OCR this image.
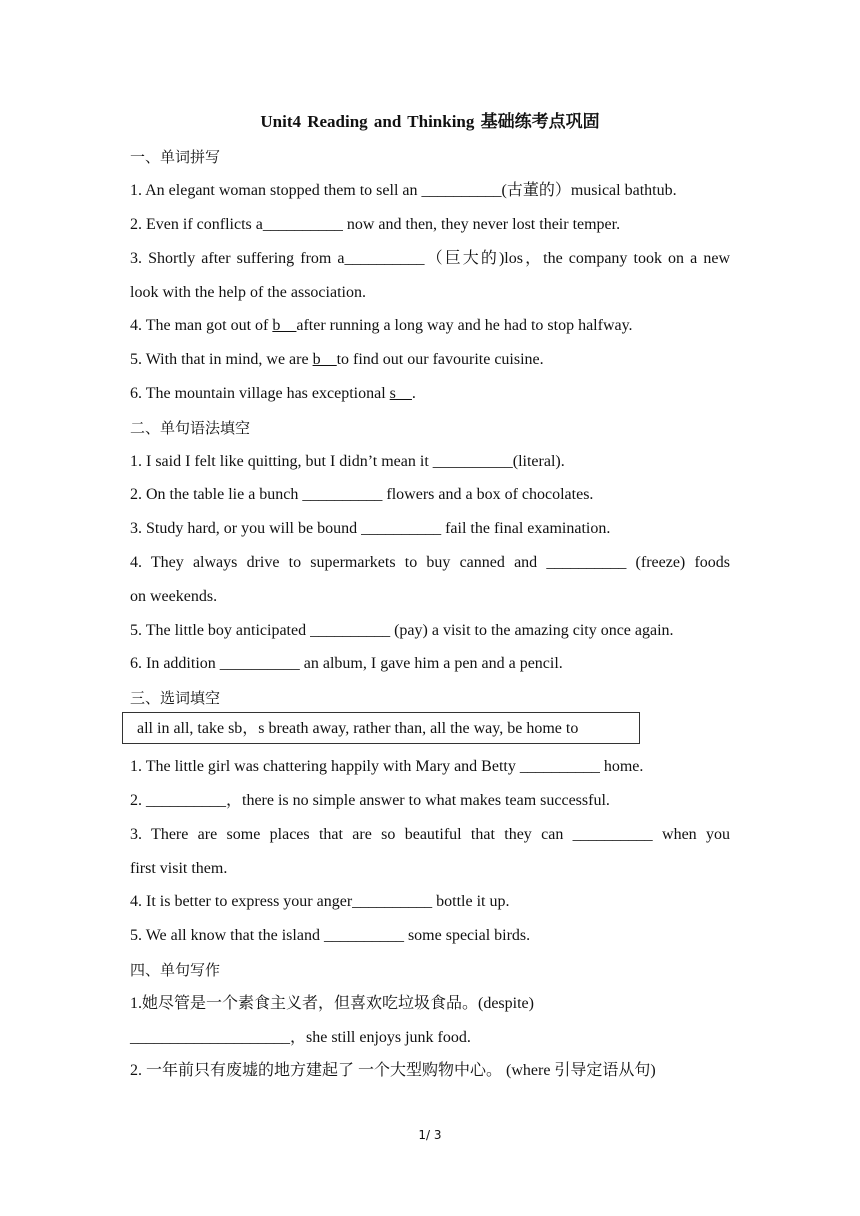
Unit4 Reading and Thinking 基础练考点巩固
一、单词拼写
1. An elegant woman stopped them to sell an __________(古董的）musical bathtub.
2. Even if conflicts a__________ now and then, they never lost their temper.
3. Shortly after suffering from a__________（巨大的)los，the company took on a new
look with the help of the association.
4. The man got out of b__after running a long way and he had to stop halfway.
5. With that in mind, we are b__to find out our favourite cuisine.
6. The mountain village has exceptional s__.
二、单句语法填空
1. I said I felt like quitting, but I didn’t mean it __________(literal).
2. On the table lie a bunch __________ flowers and a box of chocolates.
3. Study hard, or you will be bound __________ fail the final examination.
4. They always drive to supermarkets to buy canned and __________ (freeze) foods
on weekends.
5. The little boy anticipated __________ (pay) a visit to the amazing city once again.
6. In addition __________ an album, I gave him a pen and a pencil.
三、选词填空
all in all, take sb，s breath away, rather than, all the way, be home to
1. The little girl was chattering happily with Mary and Betty __________ home.
2. __________，there is no simple answer to what makes team successful.
3. There are some places that are so beautiful that they can __________ when you
first visit them.
4. It is better to express your anger__________ bottle it up.
5. We all know that the island __________ some special birds.
四、单句写作
1.她尽管是一个素食主义者，但喜欢吃垃圾食品。(despite)
____________________，she still enjoys junk food.
2. 一年前只有废墟的地方建起了 一个大型购物中心。 (where 引导定语从句)
1/ 3
